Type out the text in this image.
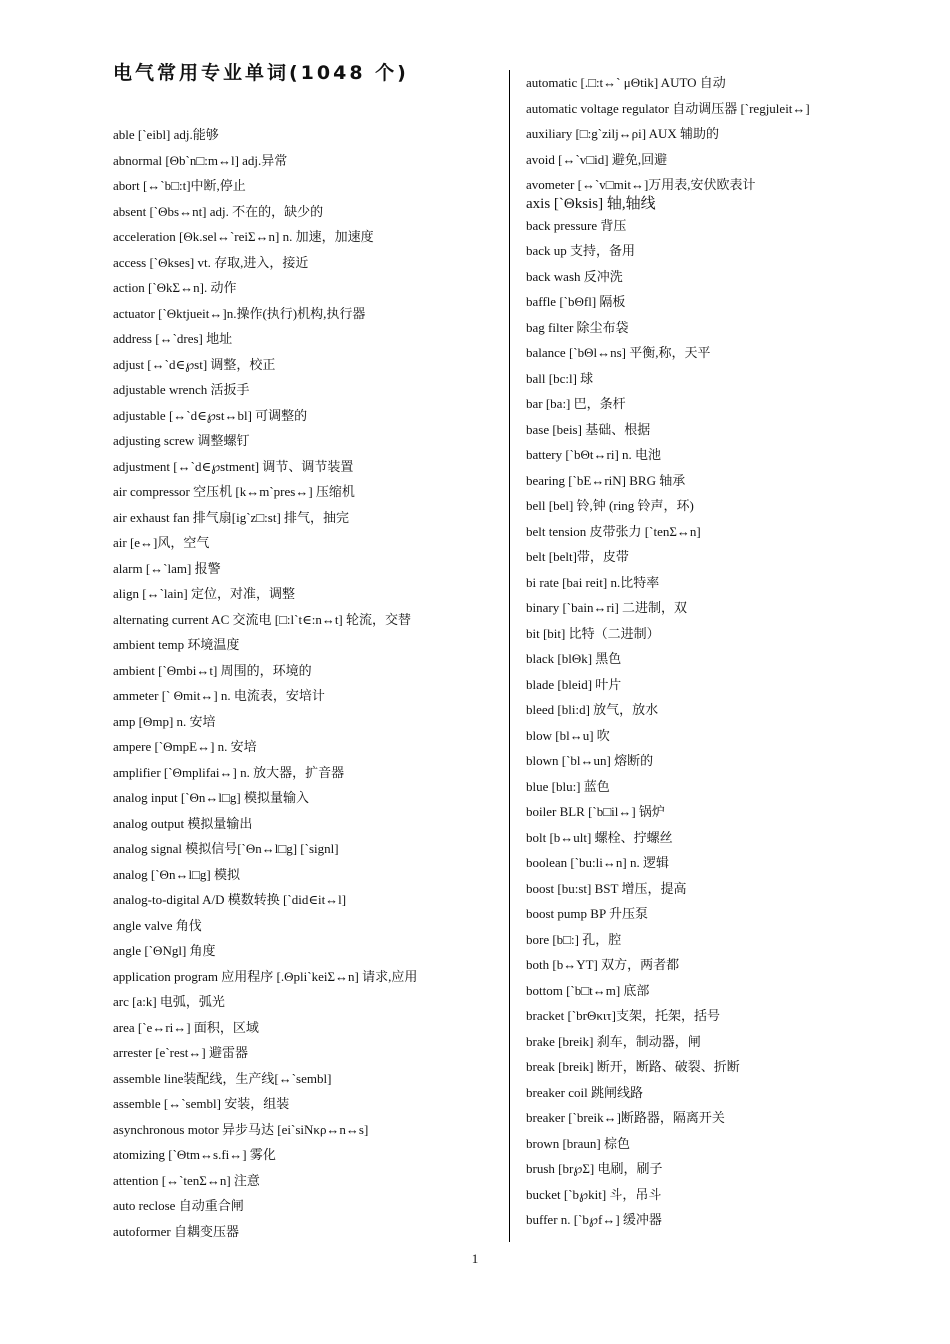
电气常用专业单词(1048 个)
able [`eibl] adj.能够
abnormal [Θb`n□:m↔l] adj.异常
abort [↔`b□:t]中断,停止
absent [`Θbs↔nt] adj. 不在的，缺少的
acceleration [Θk.sel↔`reiΣ↔n] n. 加速，加速度
access [`Θkses] vt. 存取,进入，接近
action [`ΘkΣ↔n]. 动作
actuator [`Θktjueit↔]n.操作(执行)机构,执行器
address [↔`dres] 地址
adjust [↔`d∈℘st] 调整，校正
adjustable wrench 活扳手
adjustable [↔`d∈℘st↔bl] 可调整的
adjusting screw 调整螺钉
adjustment [↔`d∈℘stment] 调节、调节装置
air compressor 空压机 [k↔m`pres↔] 压缩机
air exhaust fan 排气扇[ig`z□:st] 排气，抽完
air [e↔]风，空气
alarm [↔`lam] 报警
align [↔`lain] 定位，对准，调整
alternating current AC 交流电 [□:l`t∈:n↔t] 轮流，交替
ambient temp 环境温度
ambient [`Θmbi↔t] 周围的，环境的
ammeter [` Θmit↔] n. 电流表，安培计
amp [Θmp] n. 安培
ampere [`ΘmpE↔] n. 安培
amplifier [`Θmplifai↔] n. 放大器，扩音器
analog input [`Θn↔l□g] 模拟量输入
analog output 模拟量输出
analog signal 模拟信号[`Θn↔l□g] [`signl]
analog [`Θn↔l□g] 模拟
analog-to-digital A/D 模数转换 [`did∈it↔l]
angle valve 角伐
angle [`ΘNgl] 角度
application program 应用程序 [.Θpli`keiΣ↔n] 请求,应用
arc [a:k] 电弧，弧光
area [`e↔ri↔] 面积，区域
arrester [e`rest↔] 避雷器
assemble line装配线，生产线[↔`sembl]
assemble [↔`sembl] 安装，组装
asynchronous motor 异步马达 [ei`siNκρ↔n↔s]
atomizing [`Θtm↔s.fi↔] 雾化
attention [↔`tenΣ↔n] 注意
auto reclose 自动重合闸
autoformer 自耦变压器
automatic [.□:t↔` μΘtik] AUTO 自动
automatic voltage regulator 自动调压器 [`regjuleit↔]
auxiliary [□:g`zilj↔ρi] AUX 辅助的
avoid [↔`v□id] 避免,回避
avometer [↔`v□mit↔]万用表,安伏欧表计
axis [`Θksis] 轴,轴线
back pressure 背压
back up 支持，备用
back wash 反冲洗
baffle [`bΘfl] 隔板
bag filter 除尘布袋
balance [`bΘl↔ns] 平衡,称，天平
ball [bc:l] 球
bar [ba:] 巴，条杆
base [beis] 基础、根据
battery [`bΘt↔ri] n. 电池
bearing [`bE↔riN] BRG 轴承
bell [bel] 铃,钟 (ring 铃声，环)
belt tension 皮带张力 [`tenΣ↔n]
belt [belt]带，皮带
bi rate [bai reit] n.比特率
binary [`bain↔ri] 二进制，双
bit [bit] 比特（二进制）
black [blΘk] 黑色
blade [bleid] 叶片
bleed [bli:d] 放气，放水
blow [bl↔u] 吹
blown [`bl↔un] 熔断的
blue [blu:] 蓝色
boiler BLR [`b□il↔] 锅炉
bolt [b↔ult] 螺栓、拧螺丝
boolean [`bu:li↔n] n. 逻辑
boost [bu:st] BST 增压，提高
boost pump BP 升压泵
bore [b□:] 孔，腔
both [b↔YT] 双方，两者都
bottom [`b□t↔m] 底部
bracket [`brΘκιτ]支架，托架，括号
brake [breik] 刹车，制动器，闸
break [breik] 断开，断路、破裂、折断
breaker coil 跳闸线路
breaker [`breik↔]断路器，隔离开关
brown [braun] 棕色
brush [br℘Σ] 电刷，刷子
bucket [`b℘kit] 斗，吊斗
buffer n. [`b℘f↔] 缓冲器
1
